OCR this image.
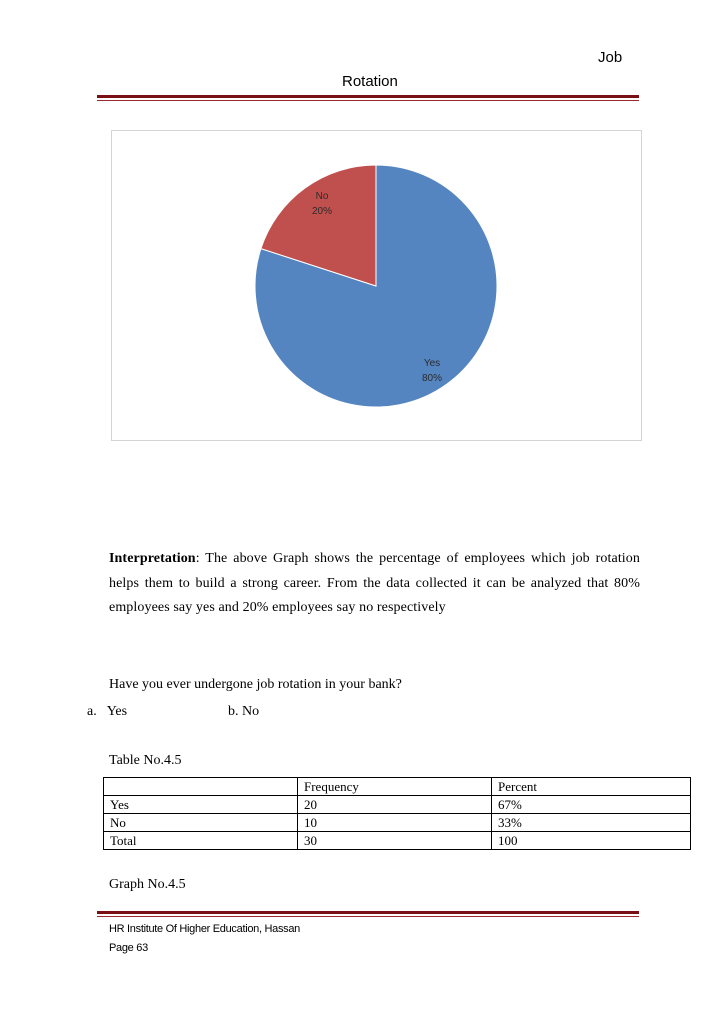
Job
Rotation
Yes
80%
No
20%
Interpretation: The above Graph shows the percentage of employees which job rotation helps them to build a strong career. From the data collected it can be analyzed that 80% employees say yes and 20% employees say no respectively
Have you ever undergone job rotation in your bank?
a.   Yes	b. No
Table No.4.5
	Frequency	Percent
Yes	20	67%
No	10	33%
Total	30	100
Graph No.4.5
HR Institute Of Higher Education, Hassan
Page 63
